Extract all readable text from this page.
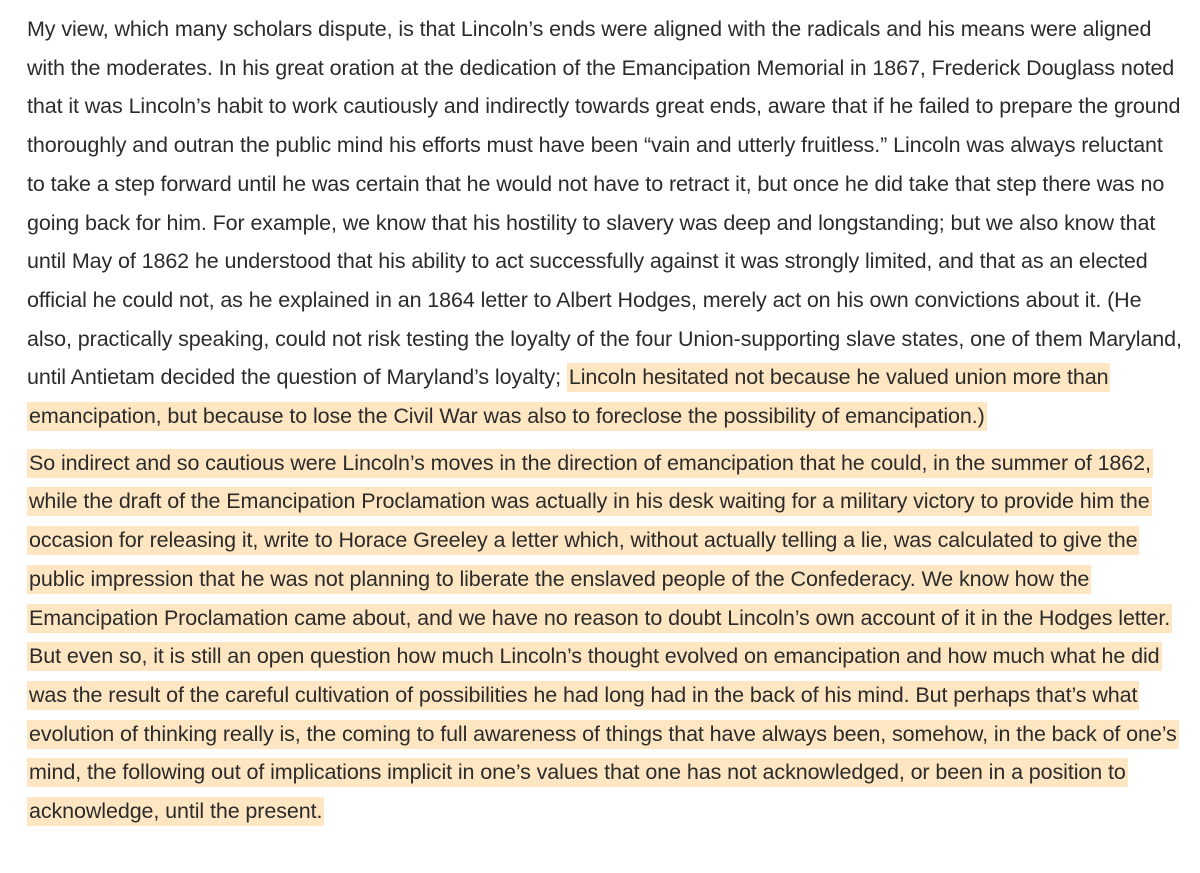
My view, which many scholars dispute, is that Lincoln’s ends were aligned with the radicals and his means were aligned with the moderates. In his great oration at the dedication of the Emancipation Memorial in 1867, Frederick Douglass noted that it was Lincoln’s habit to work cautiously and indirectly towards great ends, aware that if he failed to prepare the ground thoroughly and outran the public mind his efforts must have been “vain and utterly fruitless.” Lincoln was always reluctant to take a step forward until he was certain that he would not have to retract it, but once he did take that step there was no going back for him. For example, we know that his hostility to slavery was deep and longstanding; but we also know that until May of 1862 he understood that his ability to act successfully against it was strongly limited, and that as an elected official he could not, as he explained in an 1864 letter to Albert Hodges, merely act on his own convictions about it. (He also, practically speaking, could not risk testing the loyalty of the four Union-supporting slave states, one of them Maryland, until Antietam decided the question of Maryland’s loyalty; Lincoln hesitated not because he valued union more than emancipation, but because to lose the Civil War was also to foreclose the possibility of emancipation.)

So indirect and so cautious were Lincoln’s moves in the direction of emancipation that he could, in the summer of 1862, while the draft of the Emancipation Proclamation was actually in his desk waiting for a military victory to provide him the occasion for releasing it, write to Horace Greeley a letter which, without actually telling a lie, was calculated to give the public impression that he was not planning to liberate the enslaved people of the Confederacy. We know how the Emancipation Proclamation came about, and we have no reason to doubt Lincoln’s own account of it in the Hodges letter. But even so, it is still an open question how much Lincoln’s thought evolved on emancipation and how much what he did was the result of the careful cultivation of possibilities he had long had in the back of his mind. But perhaps that’s what evolution of thinking really is, the coming to full awareness of things that have always been, somehow, in the back of one’s mind, the following out of implications implicit in one’s values that one has not acknowledged, or been in a position to acknowledge, until the present.
